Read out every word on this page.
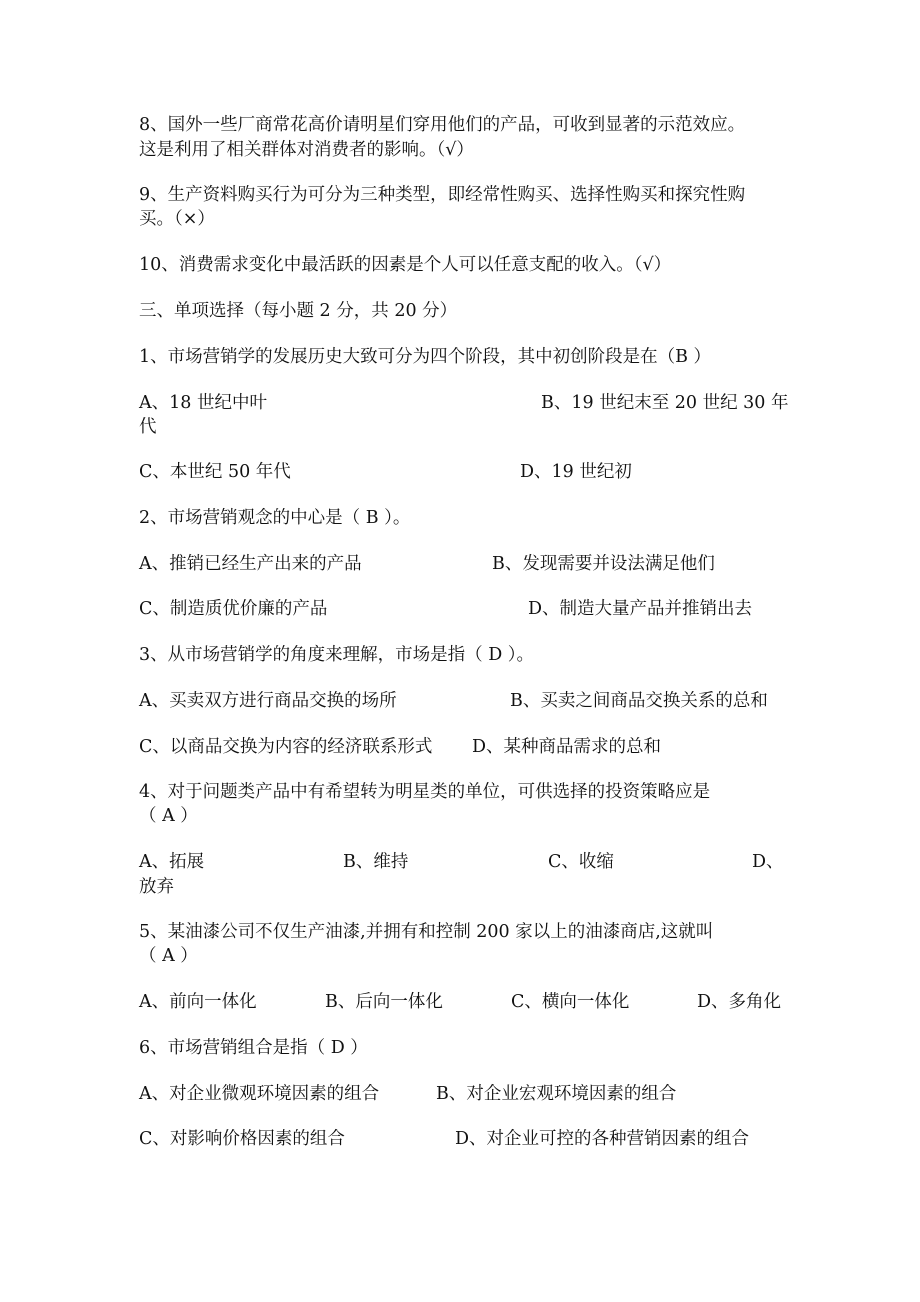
8、国外一些厂商常花高价请明星们穿用他们的产品，可收到显著的示范效应。
这是利用了相关群体对消费者的影响。（√）
9、生产资料购买行为可分为三种类型，即经常性购买、选择性购买和探究性购
买。（×）
10、消费需求变化中最活跃的因素是个人可以任意支配的收入。（√）
三、单项选择（每小题 2 分，共 20 分）
1、市场营销学的发展历史大致可分为四个阶段，其中初创阶段是在（B ）
A、18 世纪中叶	B、19 世纪末至 20 世纪 30 年
代
C、本世纪 50 年代	D、19 世纪初
2、市场营销观念的中心是（ B ）。
A、推销已经生产出来的产品	B、发现需要并设法满足他们
C、制造质优价廉的产品	D、制造大量产品并推销出去
3、从市场营销学的角度来理解，市场是指（ D ）。
A、买卖双方进行商品交换的场所	B、买卖之间商品交换关系的总和
C、以商品交换为内容的经济联系形式 D、某种商品需求的总和
4、对于问题类产品中有希望转为明星类的单位，可供选择的投资策略应是
（ A ）
A、拓展	B、维持	C、收缩	D、
放弃
5、某油漆公司不仅生产油漆,并拥有和控制 200 家以上的油漆商店,这就叫
（ A ）
A、前向一体化	B、后向一体化	C、横向一体化	D、多角化
6、市场营销组合是指（ D ）
A、对企业微观环境因素的组合	B、对企业宏观环境因素的组合
C、对影响价格因素的组合	D、对企业可控的各种营销因素的组合
